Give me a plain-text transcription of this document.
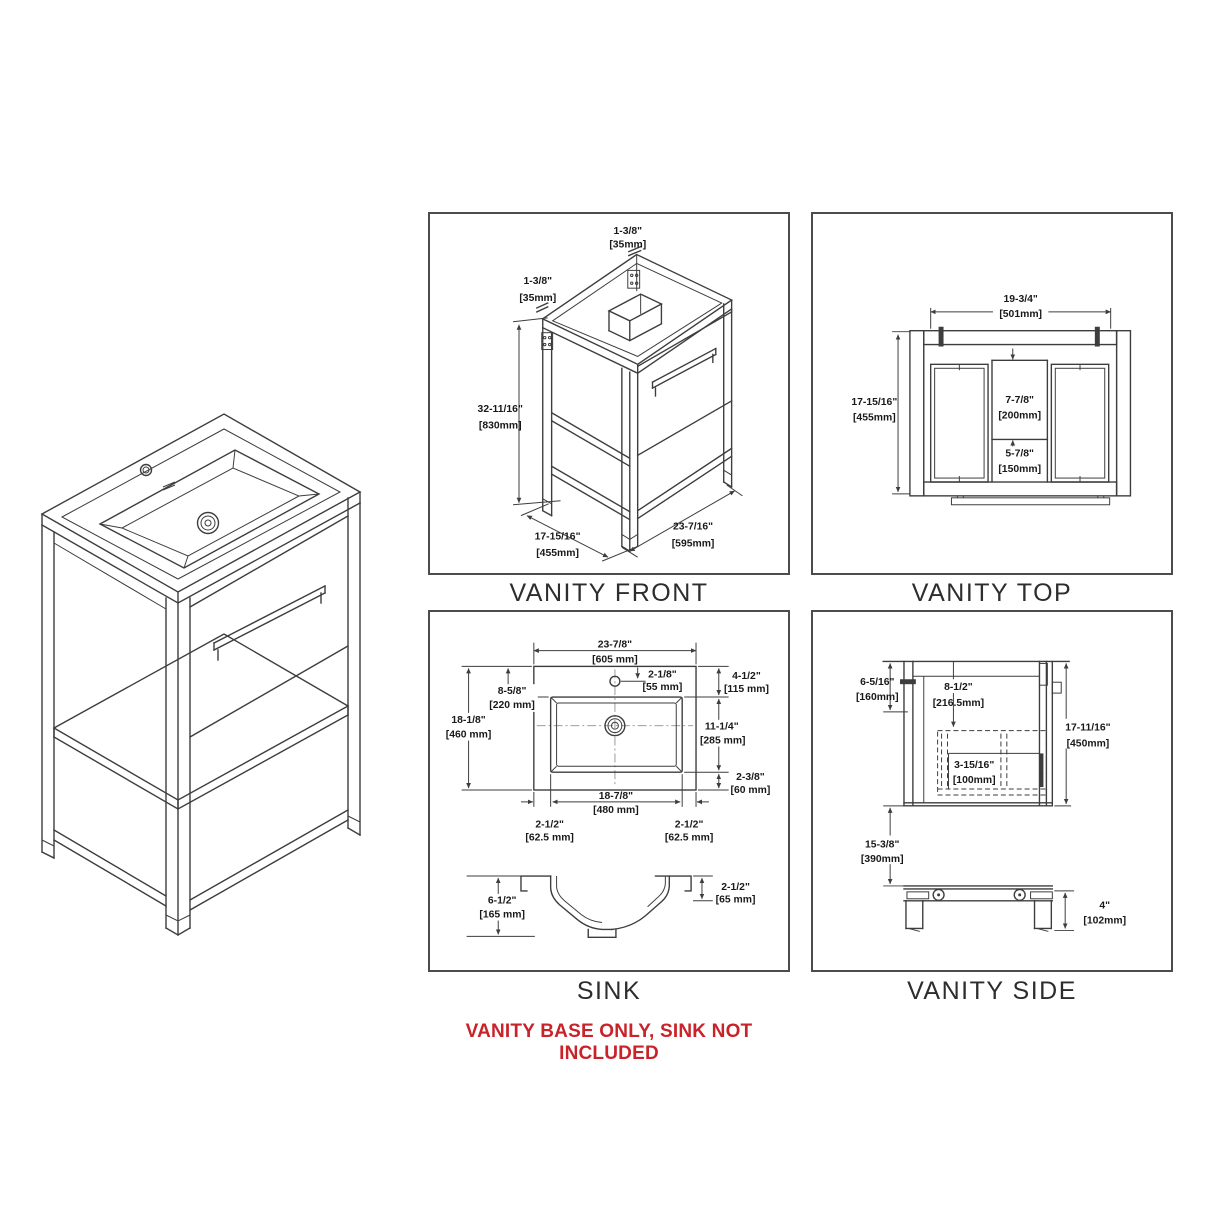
1-3/8"
[35mm]
1-3/8"
[35mm]
32-11/16"
[830mm]
17-15/16"
[455mm]
23-7/16"
[595mm]
19-3/4"
[501mm]
17-15/16"
[455mm]
7-7/8"
[200mm]
5-7/8"
[150mm]
23-7/8"
[605 mm]
18-1/8"
[460 mm]
8-5/8"
[220 mm]
2-1/8"
[55 mm]
4-1/2"
[115 mm]
11-1/4"
[285 mm]
2-3/8"
[60 mm]
18-7/8"
[480 mm]
2-1/2"
[62.5 mm]
2-1/2"
[62.5 mm]
6-1/2"
[165 mm]
2-1/2"
[65 mm]
6-5/16"
[160mm]
8-1/2"
[216.5mm]
3-15/16"
[100mm]
17-11/16"
[450mm]
15-3/8"
[390mm]
4"
[102mm]
VANITY FRONT	VANITY TOP
SINK	VANITY SIDE
VANITY BASE ONLY, SINK NOT INCLUDED
